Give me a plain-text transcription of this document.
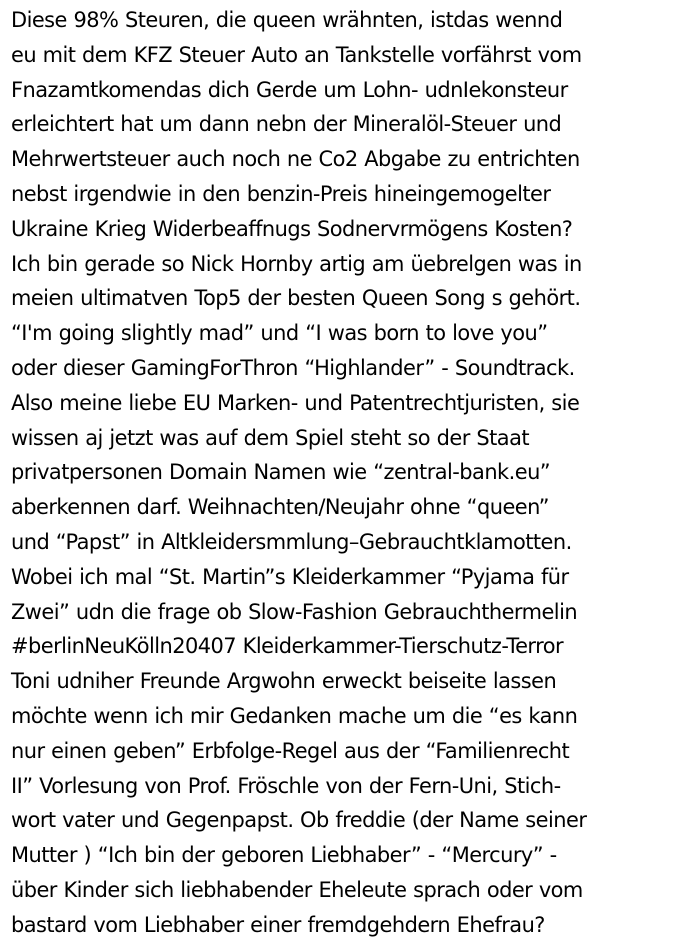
Diese 98% Steuren, die queen wrähnten, istdas wennd
eu mit dem KFZ Steuer Auto an Tankstelle vorfährst vom
Fnazamtkomendas dich Gerde um Lohn- udnIekonsteur
erleichtert hat um dann nebn der Mineralöl-Steuer und
Mehrwertsteuer auch noch ne Co2 Abgabe zu entrichten
nebst irgendwie in den benzin-Preis hineingemogelter
Ukraine Krieg Widerbeaffnugs Sodnervrmögens Kosten?
Ich bin gerade so Nick Hornby artig am üebrelgen was in
meien ultimatven Top5 der besten Queen Song s gehört.
“I'm going slightly mad” und “I was born to love you”
oder dieser GamingForThron “Highlander” - Soundtrack.
Also meine liebe EU Marken- und Patentrechtjuristen, sie
wissen aj jetzt was auf dem Spiel steht so der Staat
privatpersonen Domain Namen wie “zentral-bank.eu”
aberkennen darf. Weihnachten/Neujahr ohne “queen”
und “Papst” in Altkleidersmmlung–Gebrauchtklamotten.
Wobei ich mal “St. Martin”s Kleiderkammer “Pyjama für
Zwei” udn die frage ob Slow-Fashion Gebrauchthermelin
#berlinNeuKölln20407 Kleiderkammer-Tierschutz-Terror
Toni udniher Freunde Argwohn erweckt beiseite lassen
möchte wenn ich mir Gedanken mache um die “es kann
nur einen geben” Erbfolge-Regel aus der “Familienrecht
II” Vorlesung von Prof. Fröschle von der Fern-Uni, Stich-
wort vater und Gegenpapst. Ob freddie (der Name seiner
Mutter ) “Ich bin der geboren Liebhaber” - “Mercury” -
über Kinder sich liebhabender Eheleute sprach oder vom
bastard vom Liebhaber einer fremdgehdern Ehefrau?
